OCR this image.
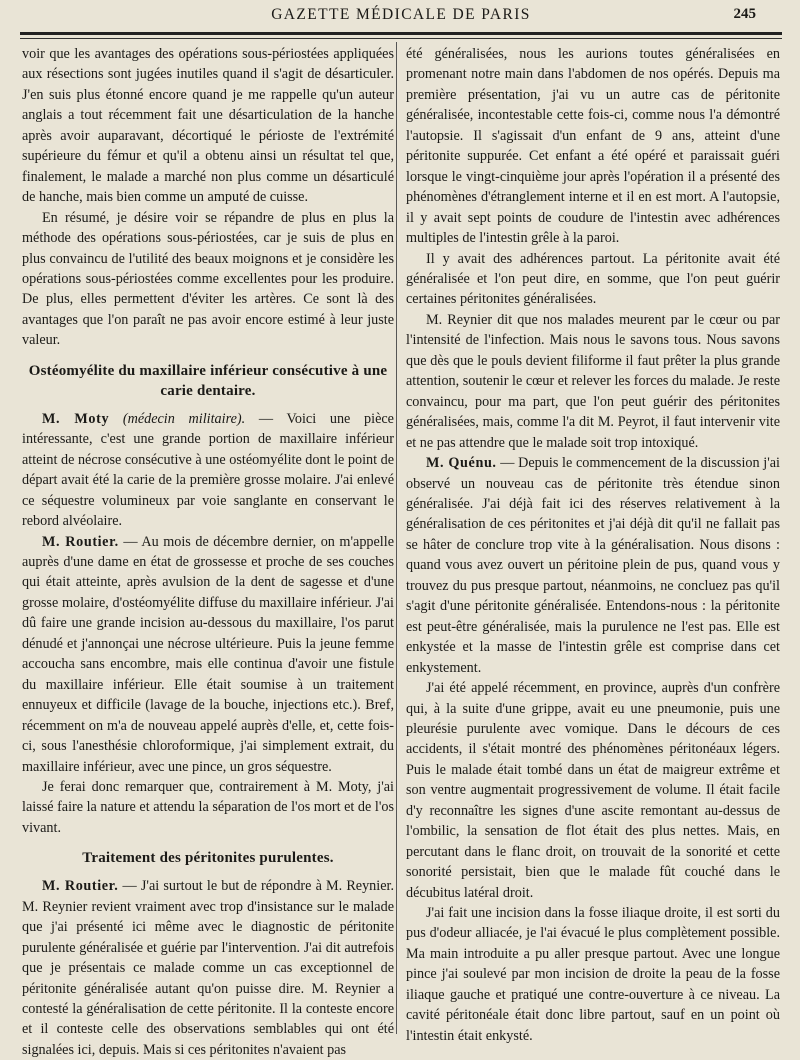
GAZETTE MÉDICALE DE PARIS	245

voir que les avantages des opérations sous-périostées appliquées aux résections sont jugées inutiles quand il s'agit de désarticuler. J'en suis plus étonné encore quand je me rappelle qu'un auteur anglais a tout récemment fait une désarticulation de la hanche après avoir auparavant, décortiqué le périoste de l'extrémité supérieure du fémur et qu'il a obtenu ainsi un résultat tel que, finalement, le malade a marché non plus comme un désarticulé de hanche, mais bien comme un amputé de cuisse.

En résumé, je désire voir se répandre de plus en plus la méthode des opérations sous-périostées, car je suis de plus en plus convaincu de l'utilité des beaux moignons et je considère les opérations sous-périostées comme excellentes pour les produire. De plus, elles permettent d'éviter les artères. Ce sont là des avantages que l'on paraît ne pas avoir encore estimé à leur juste valeur.

Ostéomyélite du maxillaire inférieur consécutive à une carie dentaire.

M. Moty (médecin militaire). — Voici une pièce intéressante, c'est une grande portion de maxillaire inférieur atteint de nécrose consécutive à une ostéomyélite dont le point de départ avait été la carie de la première grosse molaire. J'ai enlevé ce séquestre volumineux par voie sanglante en conservant le rebord alvéolaire.

M. Routier. — Au mois de décembre dernier, on m'appelle auprès d'une dame en état de grossesse et proche de ses couches qui était atteinte, après avulsion de la dent de sagesse et d'une grosse molaire, d'ostéomyélite diffuse du maxillaire inférieur. J'ai dû faire une grande incision au-dessous du maxillaire, l'os parut dénudé et j'annonçai une nécrose ultérieure. Puis la jeune femme accoucha sans encombre, mais elle continua d'avoir une fistule du maxillaire inférieur. Elle était soumise à un traitement ennuyeux et difficile (lavage de la bouche, injections etc.). Bref, récemment on m'a de nouveau appelé auprès d'elle, et, cette fois-ci, sous l'anesthésie chloroformique, j'ai simplement extrait, du maxillaire inférieur, avec une pince, un gros séquestre.

Je ferai donc remarquer que, contrairement à M. Moty, j'ai laissé faire la nature et attendu la séparation de l'os mort et de l'os vivant.

Traitement des péritonites purulentes.

M. Routier. — J'ai surtout le but de répondre à M. Reynier. M. Reynier revient vraiment avec trop d'insistance sur le malade que j'ai présenté ici même avec le diagnostic de péritonite purulente généralisée et guérie par l'intervention. J'ai dit autrefois que je présentais ce malade comme un cas exceptionnel de péritonite généralisée autant qu'on puisse dire. M. Reynier a contesté la généralisation de cette péritonite. Il la conteste encore et il conteste celle des observations semblables qui ont été signalées ici, depuis. Mais si ces péritonites n'avaient pas

été généralisées, nous les aurions toutes généralisées en promenant notre main dans l'abdomen de nos opérés. Depuis ma première présentation, j'ai vu un autre cas de péritonite généralisée, incontestable cette fois-ci, comme nous l'a démontré l'autopsie. Il s'agissait d'un enfant de 9 ans, atteint d'une péritonite suppurée. Cet enfant a été opéré et paraissait guéri lorsque le vingt-cinquième jour après l'opération il a présenté des phénomènes d'étranglement interne et il en est mort. A l'autopsie, il y avait sept points de coudure de l'intestin avec adhérences multiples de l'intestin grêle à la paroi.

Il y avait des adhérences partout. La péritonite avait été généralisée et l'on peut dire, en somme, que l'on peut guérir certaines péritonites généralisées.

M. Reynier dit que nos malades meurent par le cœur ou par l'intensité de l'infection. Mais nous le savons tous. Nous savons que dès que le pouls devient filiforme il faut prêter la plus grande attention, soutenir le cœur et relever les forces du malade. Je reste convaincu, pour ma part, que l'on peut guérir des péritonites généralisées, mais, comme l'a dit M. Peyrot, il faut intervenir vite et ne pas attendre que le malade soit trop intoxiqué.

M. Quénu. — Depuis le commencement de la discussion j'ai observé un nouveau cas de péritonite très étendue sinon généralisée. J'ai déjà fait ici des réserves relativement à la généralisation de ces péritonites et j'ai déjà dit qu'il ne fallait pas se hâter de conclure trop vite à la généralisation. Nous disons : quand vous avez ouvert un péritoine plein de pus, quand vous y trouvez du pus presque partout, néanmoins, ne concluez pas qu'il s'agit d'une péritonite généralisée. Entendons-nous : la péritonite est peut-être généralisée, mais la purulence ne l'est pas. Elle est enkystée et la masse de l'intestin grêle est comprise dans cet enkystement.

J'ai été appelé récemment, en province, auprès d'un confrère qui, à la suite d'une grippe, avait eu une pneumonie, puis une pleurésie purulente avec vomique. Dans le décours de ces accidents, il s'était montré des phénomènes péritonéaux légers. Puis le malade était tombé dans un état de maigreur extrême et son ventre augmentait progressivement de volume. Il était facile d'y reconnaître les signes d'une ascite remontant au-dessus de l'ombilic, la sensation de flot était des plus nettes. Mais, en percutant dans le flanc droit, on trouvait de la sonorité et cette sonorité persistait, bien que le malade fût couché dans le décubitus latéral droit.

J'ai fait une incision dans la fosse iliaque droite, il est sorti du pus d'odeur alliacée, je l'ai évacué le plus complètement possible. Ma main introduite a pu aller presque partout. Avec une longue pince j'ai soulevé par mon incision de droite la peau de la fosse iliaque gauche et pratiqué une contre-ouverture à ce niveau. La cavité péritonéale était donc libre partout, sauf en un point où l'intestin était enkysté.
